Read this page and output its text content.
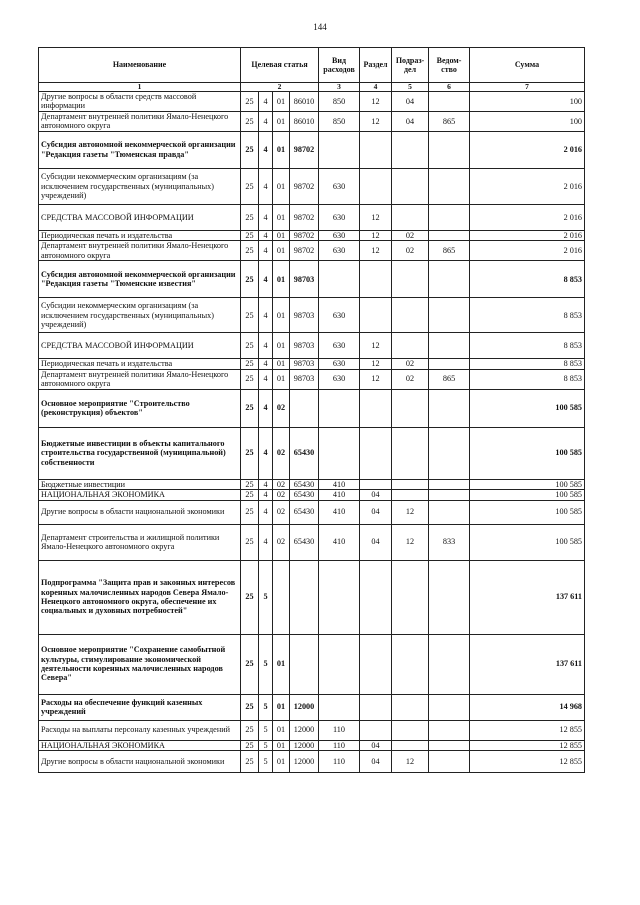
144
Наименование	Целевая статья				Вид расходов	Раздел	Подраз-дел	Ведом-ство	Сумма
1	2				3	4	5	6	7
Другие вопросы в области средств массовой информации	25	4	01	86010	850	12	04		100
Департамент внутренней политики Ямало-Ненецкого автономного округа	25	4	01	86010	850	12	04	865	100
Субсидия автономной некоммерческой организации "Редакция газеты "Тюменская правда"	25	4	01	98702					2 016
Субсидии некоммерческим организациям (за исключением государственных (муниципальных) учреждений)	25	4	01	98702	630				2 016
СРЕДСТВА МАССОВОЙ ИНФОРМАЦИИ	25	4	01	98702	630	12			2 016
Периодическая печать и издательства	25	4	01	98702	630	12	02		2 016
Департамент внутренней политики Ямало-Ненецкого автономного округа	25	4	01	98702	630	12	02	865	2 016
Субсидия автономной некоммерческой организации "Редакция газеты "Тюменские известия"	25	4	01	98703					8 853
Субсидии некоммерческим организациям (за исключением государственных (муниципальных) учреждений)	25	4	01	98703	630				8 853
СРЕДСТВА МАССОВОЙ ИНФОРМАЦИИ	25	4	01	98703	630	12			8 853
Периодическая печать и издательства	25	4	01	98703	630	12	02		8 853
Департамент внутренней политики Ямало-Ненецкого автономного округа	25	4	01	98703	630	12	02	865	8 853
Основное мероприятие "Строительство (реконструкция) объектов"	25	4	02						100 585
Бюджетные инвестиции в объекты капитального строительства государственной (муниципальной) собственности	25	4	02	65430					100 585
Бюджетные инвестиции	25	4	02	65430	410				100 585
НАЦИОНАЛЬНАЯ ЭКОНОМИКА	25	4	02	65430	410	04			100 585
Другие вопросы в области национальной экономики	25	4	02	65430	410	04	12		100 585
Департамент строительства и жилищной политики Ямало-Ненецкого автономного округа	25	4	02	65430	410	04	12	833	100 585
Подпрограмма "Защита прав и законных интересов коренных малочисленных народов Севера Ямало-Ненецкого автономного округа, обеспечение их социальных и духовных потребностей"	25	5							137 611
Основное мероприятие "Сохранение самобытной культуры, стимулирование экономической деятельности коренных малочисленных народов Севера"	25	5	01						137 611
Расходы на обеспечение функций казенных учреждений	25	5	01	12000					14 968
Расходы на выплаты персоналу казенных учреждений	25	5	01	12000	110				12 855
НАЦИОНАЛЬНАЯ ЭКОНОМИКА	25	5	01	12000	110	04			12 855
Другие вопросы в области национальной экономики	25	5	01	12000	110	04	12		12 855
